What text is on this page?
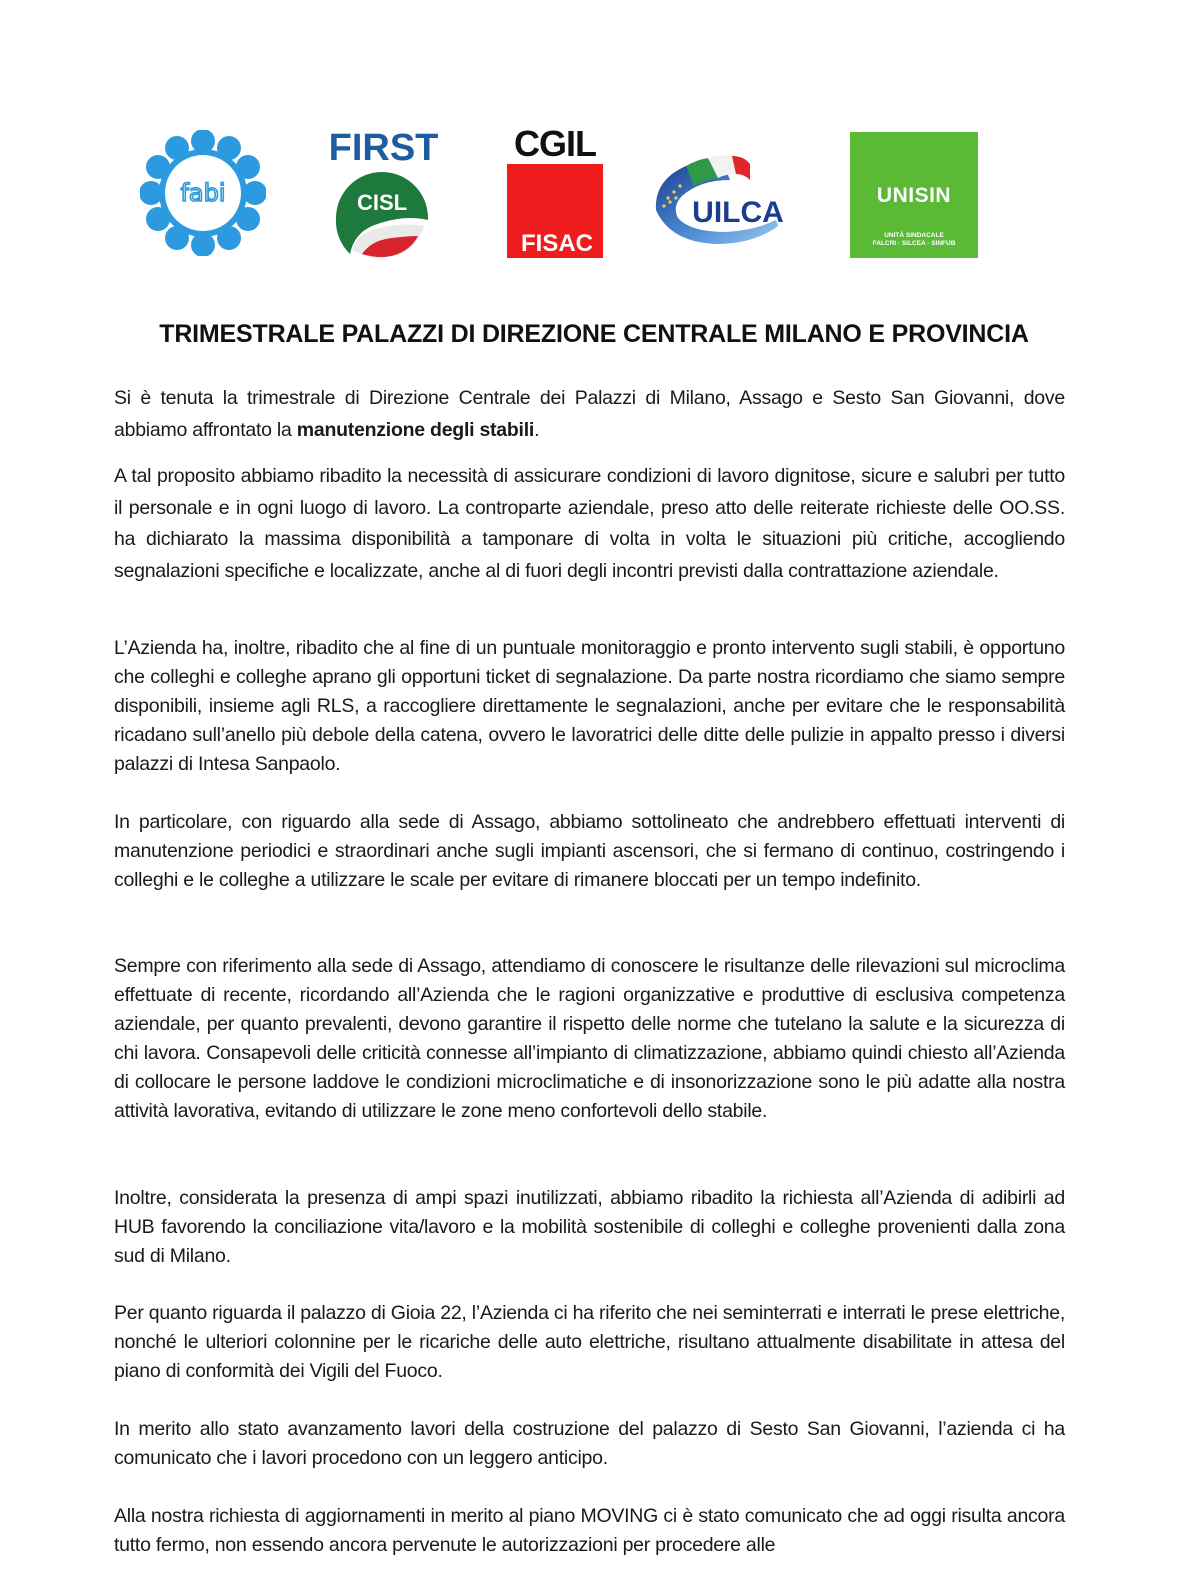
fabi
FIRST
CISL
CGIL
FISAC
UILCA
UNISIN
UNITÀ SINDACALE
FALCRI · SILCEA · SINFUB
TRIMESTRALE PALAZZI DI DIREZIONE CENTRALE MILANO E PROVINCIA

Si è tenuta la trimestrale di Direzione Centrale dei Palazzi di Milano, Assago e Sesto San Giovanni, dove abbiamo affrontato la manutenzione degli stabili.

A tal proposito abbiamo ribadito la necessità di assicurare condizioni di lavoro dignitose, sicure e salubri per tutto il personale e in ogni luogo di lavoro. La controparte aziendale, preso atto delle reiterate richieste delle OO.SS. ha dichiarato la massima disponibilità a tamponare di volta in volta le situazioni più critiche, accogliendo segnalazioni specifiche e localizzate, anche al di fuori degli incontri previsti dalla contrattazione aziendale.

L’Azienda ha, inoltre, ribadito che al fine di un puntuale monitoraggio e pronto intervento sugli stabili, è opportuno che colleghi e colleghe aprano gli opportuni ticket di segnalazione. Da parte nostra ricordiamo che siamo sempre disponibili, insieme agli RLS, a raccogliere direttamente le segnalazioni, anche per evitare che le responsabilità ricadano sull’anello più debole della catena, ovvero le lavoratrici delle ditte delle pulizie in appalto presso i diversi palazzi di Intesa Sanpaolo.

In particolare, con riguardo alla sede di Assago, abbiamo sottolineato che andrebbero effettuati interventi di manutenzione periodici e straordinari anche sugli impianti ascensori, che si fermano di continuo, costringendo i colleghi e le colleghe a utilizzare le scale per evitare di rimanere bloccati per un tempo indefinito.

Sempre con riferimento alla sede di Assago, attendiamo di conoscere le risultanze delle rilevazioni sul microclima effettuate di recente, ricordando all’Azienda che le ragioni organizzative e produttive di esclusiva competenza aziendale, per quanto prevalenti, devono garantire il rispetto delle norme che tutelano la salute e la sicurezza di chi lavora. Consapevoli delle criticità connesse all’impianto di climatizzazione, abbiamo quindi chiesto all’Azienda di collocare le persone laddove le condizioni microclimatiche e di insonorizzazione sono le più adatte alla nostra attività lavorativa, evitando di utilizzare le zone meno confortevoli dello stabile.

Inoltre, considerata la presenza di ampi spazi inutilizzati, abbiamo ribadito la richiesta all’Azienda di adibirli ad HUB favorendo la conciliazione vita/lavoro e la mobilità sostenibile di colleghi e colleghe provenienti dalla zona sud di Milano.

Per quanto riguarda il palazzo di Gioia 22, l’Azienda ci ha riferito che nei seminterrati e interrati le prese elettriche, nonché le ulteriori colonnine per le ricariche delle auto elettriche, risultano attualmente disabilitate in attesa del piano di conformità dei Vigili del Fuoco.

In merito allo stato avanzamento lavori della costruzione del palazzo di Sesto San Giovanni, l’azienda ci ha comunicato che i lavori procedono con un leggero anticipo.

Alla nostra richiesta di aggiornamenti in merito al piano MOVING ci è stato comunicato che ad oggi risulta ancora tutto fermo, non essendo ancora pervenute le autorizzazioni per procedere alle
